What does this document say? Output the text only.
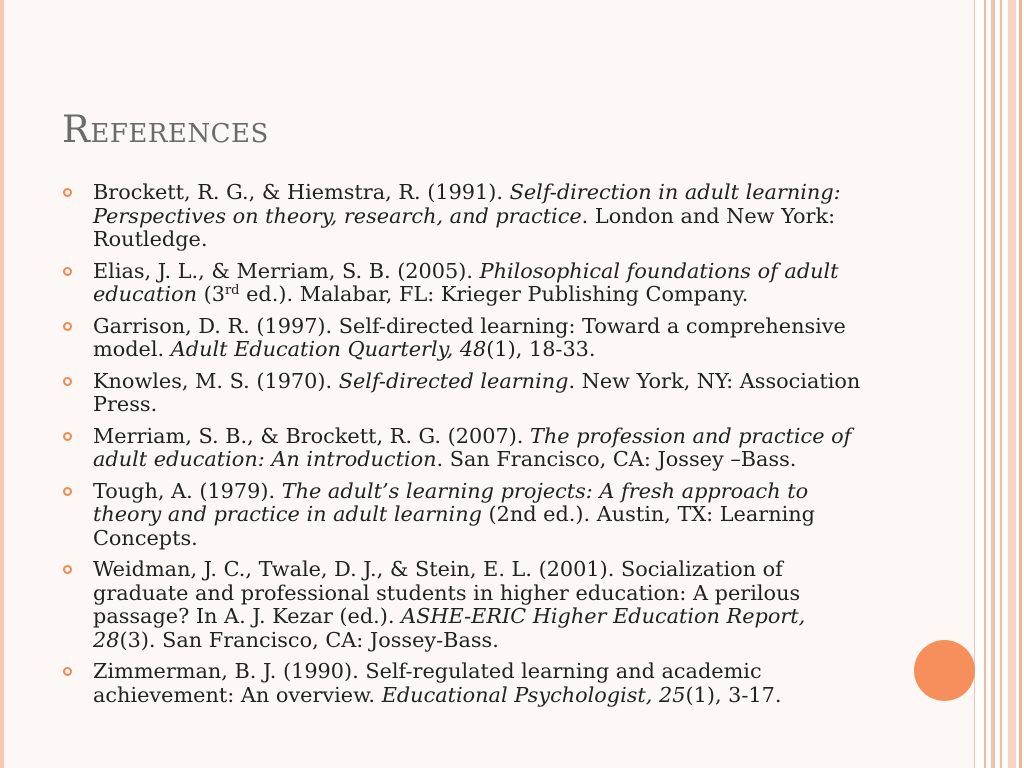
References
Brockett, R. G., & Hiemstra, R. (1991). Self-direction in adult learning: Perspectives on theory, research, and practice. London and New York: Routledge.
Elias, J. L., & Merriam, S. B. (2005). Philosophical foundations of adult education (3rd ed.). Malabar, FL: Krieger Publishing Company.
Garrison, D. R. (1997). Self-directed learning: Toward a comprehensive model. Adult Education Quarterly, 48(1), 18-33.
Knowles, M. S. (1970). Self-directed learning. New York, NY: Association Press.
Merriam, S. B., & Brockett, R. G. (2007). The profession and practice of adult education: An introduction. San Francisco, CA: Jossey –Bass.
Tough, A. (1979). The adult’s learning projects: A fresh approach to theory and practice in adult learning (2nd ed.). Austin, TX: Learning Concepts.
Weidman, J. C., Twale, D. J., & Stein, E. L. (2001). Socialization of graduate and professional students in higher education: A perilous passage? In A. J. Kezar (ed.). ASHE-ERIC Higher Education Report, 28(3). San Francisco, CA: Jossey-Bass.
Zimmerman, B. J. (1990). Self-regulated learning and academic achievement: An overview. Educational Psychologist, 25(1), 3-17.
